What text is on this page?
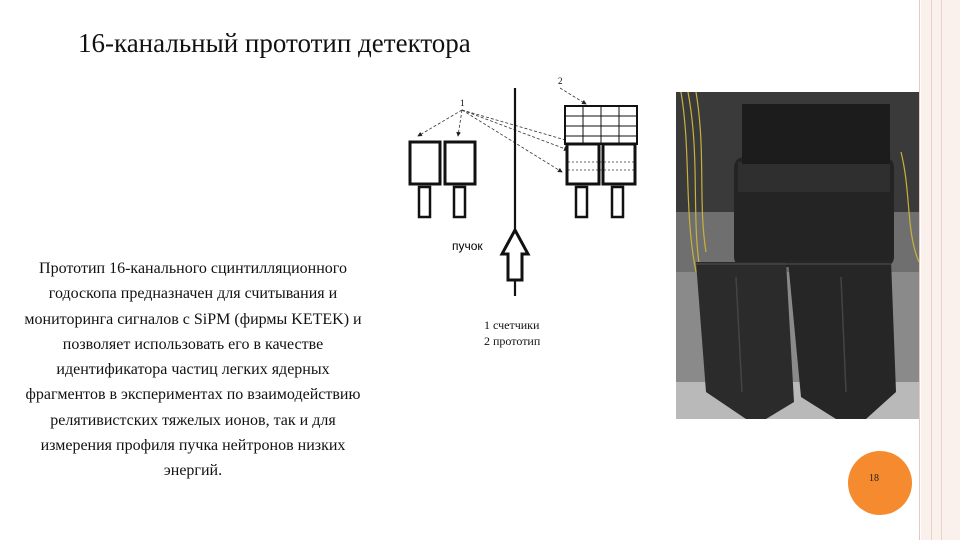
16-канальный прототип детектора
Прототип 16-канального сцинтилляционного годоскопа предназначен для считывания и мониторинга сигналов с SiPM (фирмы KETEK) и позволяет использовать его в качестве идентификатора частиц легких ядерных фрагментов в экспериментах по взаимодействию релятивистских тяжелых ионов, так и для измерения профиля пучка нейтронов низких энергий.
1
2
пучок
1 счетчики
2 прототип
18
